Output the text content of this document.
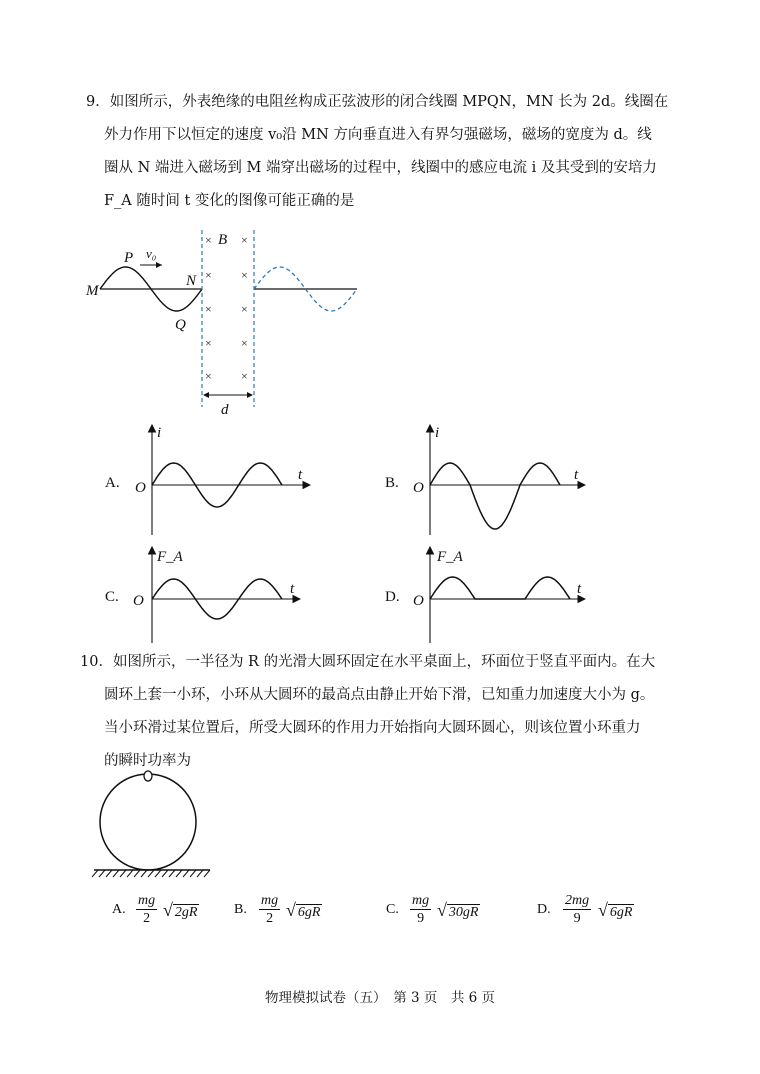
9．如图所示，外表绝缘的电阻丝构成正弦波形的闭合线圈 MPQN，MN 长为 2d。线圈在
外力作用下以恒定的速度 v₀沿 MN 方向垂直进入有界匀强磁场，磁场的宽度为 d。线
圈从 N 端进入磁场到 M 端穿出磁场的过程中，线圈中的感应电流 i 及其受到的安培力
F_A 随时间 t 变化的图像可能正确的是
× ×
× ×
× ×
× ×
× ×
M
P
Q
N
B
v₀
d
A. O
i
t	B. O
i
t
C. O
F_A
t	D. O
F_A
t
10．如图所示，一半径为 R 的光滑大圆环固定在水平桌面上，环面位于竖直平面内。在大
圆环上套一小环，小环从大圆环的最高点由静止开始下滑，已知重力加速度大小为 g。
当小环滑过某位置后，所受大圆环的作用力开始指向大圆环圆心，则该位置小环重力
的瞬时功率为
A. $\frac{mg}{2}$ √ 2gR	B. $\frac{mg}{2}$ √ 6gR	C. $\frac{mg}{9}$ √ 30gR	D. $\frac{2mg}{9}$ √ 6gR
物理模拟试卷（五）　第 3 页　共 6 页
